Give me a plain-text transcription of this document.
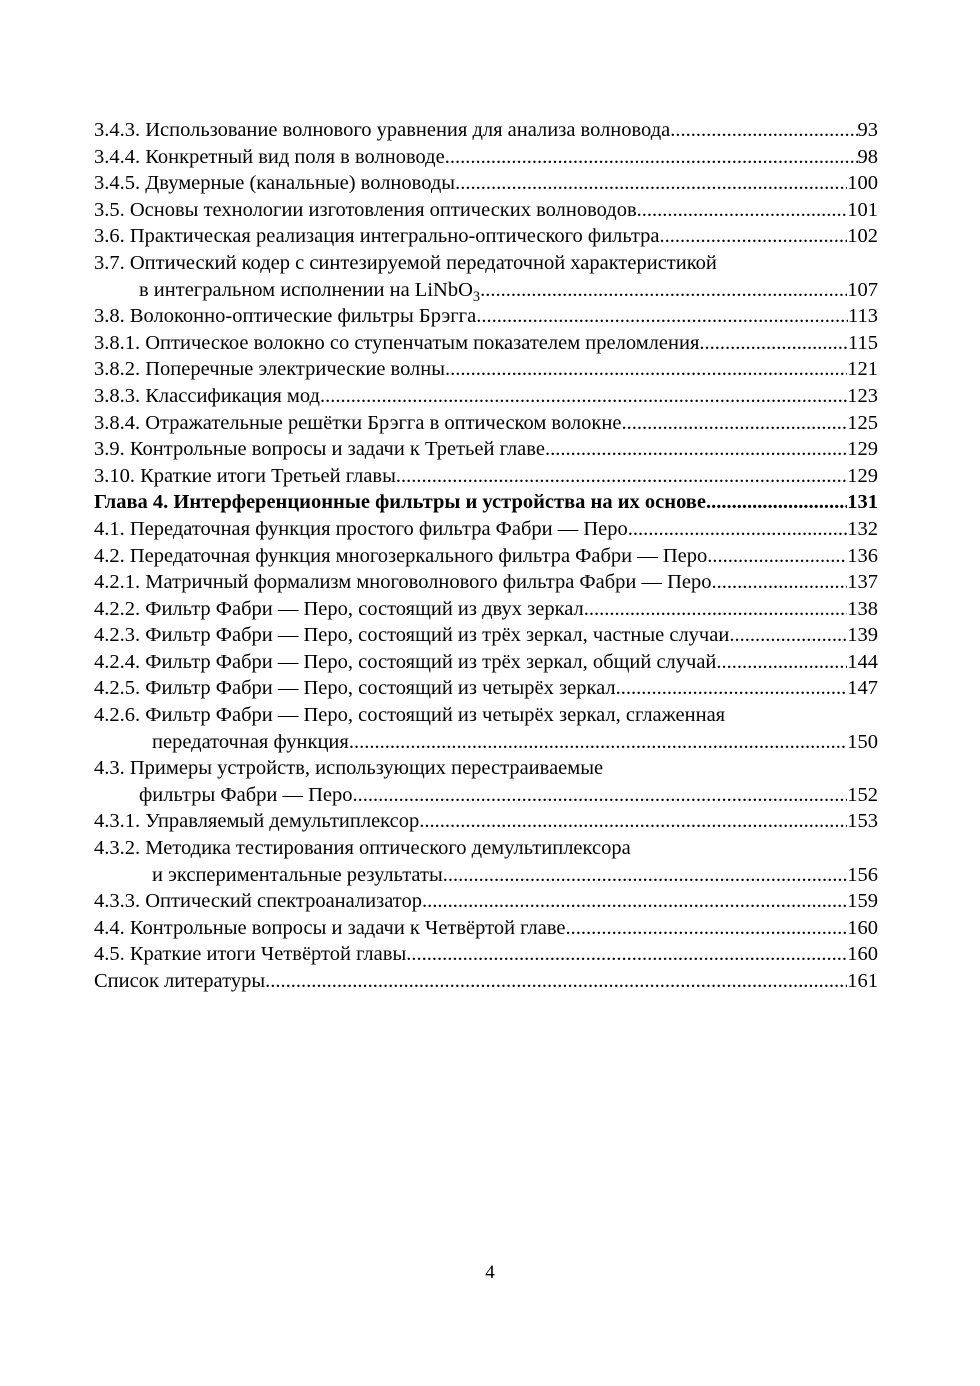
3.4.3. Использование волнового уравнения для анализа волновода .....	93
3.4.4. Конкретный вид поля в волноводе .....	98
3.4.5. Двумерные (канальные) волноводы .....	100
3.5. Основы технологии изготовления оптических волноводов .....	101
3.6. Практическая реализация интегрально-оптического фильтра .....	102
3.7. Оптический кодер с синтезируемой передаточной характеристикой
в интегральном исполнении на LiNbO$_3$ .....	107
3.8. Волоконно-оптические фильтры Брэгга .....	113
3.8.1. Оптическое волокно со ступенчатым показателем преломления .....	115
3.8.2. Поперечные электрические волны .....	121
3.8.3. Классификация мод .....	123
3.8.4. Отражательные решётки Брэгга в оптическом волокне .....	125
3.9. Контрольные вопросы и задачи к Третьей главе .....	129
3.10. Краткие итоги Третьей главы .....	129
Глава 4. Интерференционные фильтры и устройства на их основе .....	131
4.1. Передаточная функция простого фильтра Фабри — Перо .....	132
4.2. Передаточная функция многозеркального фильтра Фабри — Перо .....	136
4.2.1. Матричный формализм многоволнового фильтра Фабри — Перо .....	137
4.2.2. Фильтр Фабри — Перо, состоящий из двух зеркал .....	138
4.2.3. Фильтр Фабри — Перо, состоящий из трёх зеркал, частные случаи .....	139
4.2.4. Фильтр Фабри — Перо, состоящий из трёх зеркал, общий случай .....	144
4.2.5. Фильтр Фабри — Перо, состоящий из четырёх зеркал .....	147
4.2.6. Фильтр Фабри — Перо, состоящий из четырёх зеркал, сглаженная
передаточная функция .....	150
4.3. Примеры устройств, использующих перестраиваемые
фильтры Фабри — Перо .....	152
4.3.1. Управляемый демультиплексор .....	153
4.3.2. Методика тестирования оптического демультиплексора
и экспериментальные результаты .....	156
4.3.3. Оптический спектроанализатор .....	159
4.4. Контрольные вопросы и задачи к Четвёртой главе .....	160
4.5. Краткие итоги Четвёртой главы .....	160
Список литературы .....	161
4
